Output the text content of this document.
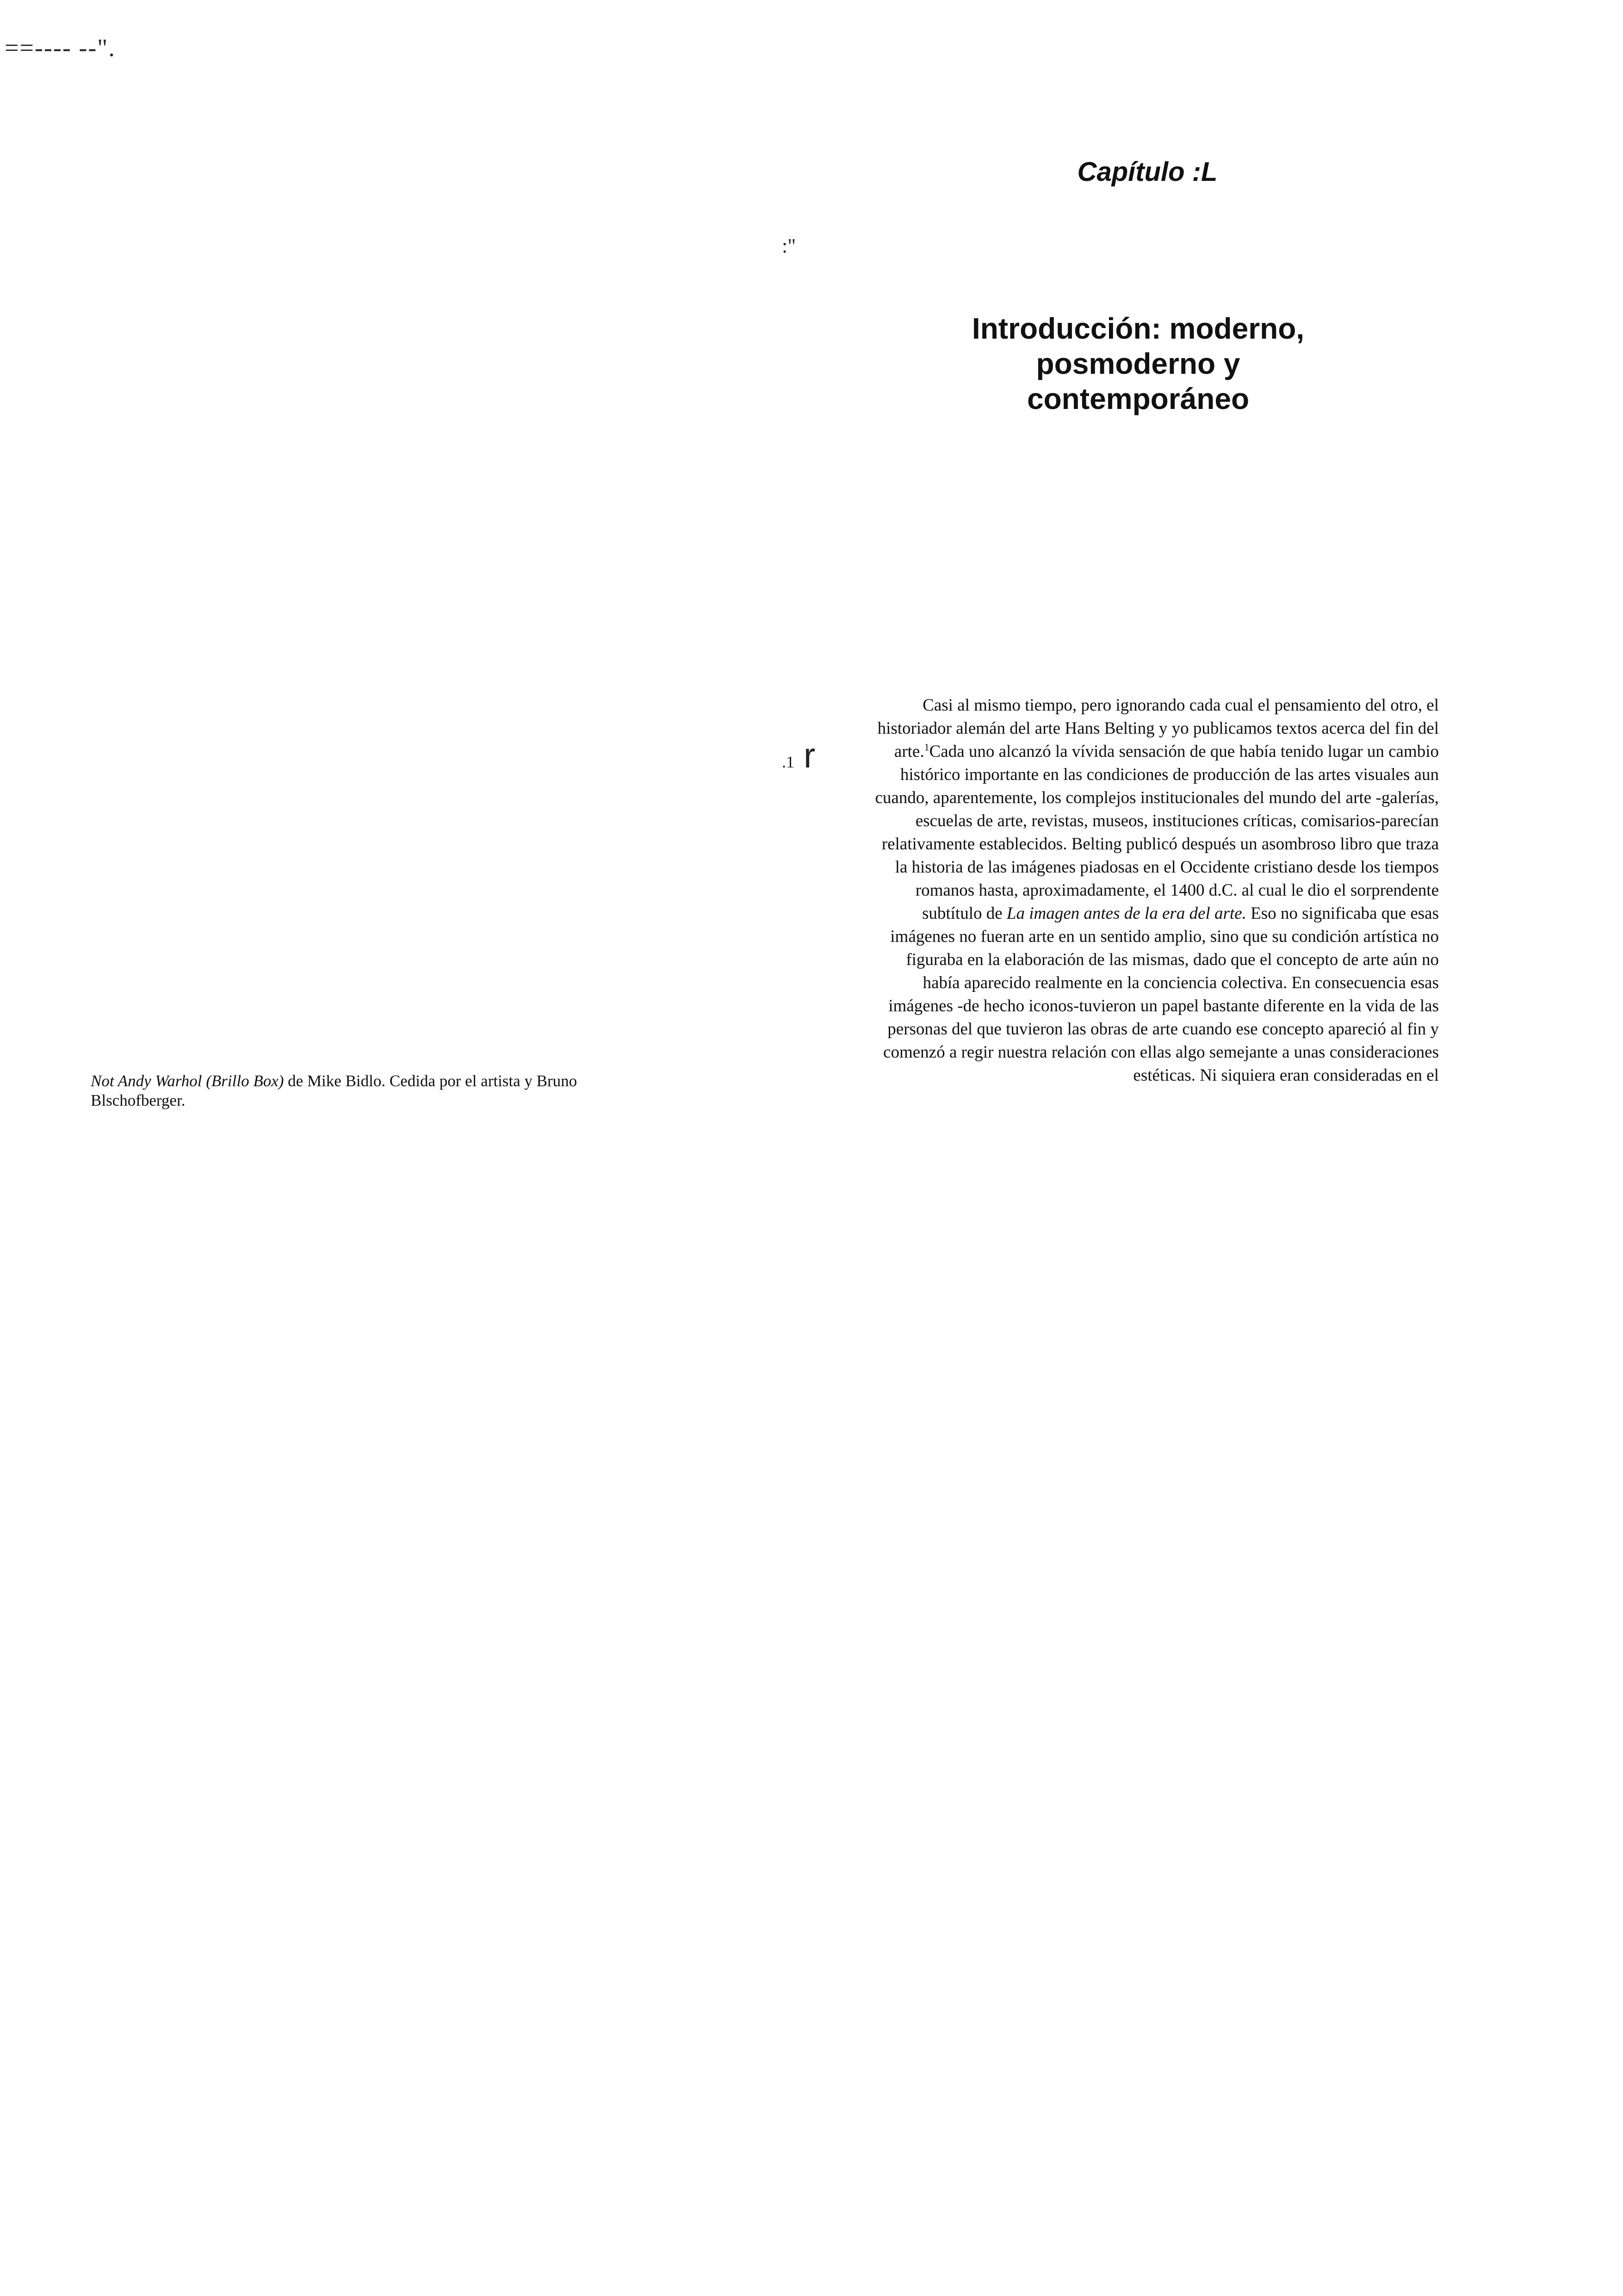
==---- --".
Capítulo :L
:"
Introducción: moderno,
posmoderno y
contemporáneo
.1 r
Casi al mismo tiempo, pero ignorando cada cual el pensamiento del otro, el
historiador alemán del arte Hans Belting y yo publicamos textos acerca del fin del
arte.$^1$Cada uno alcanzó la vívida sensación de que había tenido lugar un cambio
histórico importante en las condiciones de producción de las artes visuales aun
cuando, aparentemente, los complejos institucionales del mundo del arte -galerías,
escuelas de arte, revistas, museos, instituciones críticas, comisarios-parecían
relativamente establecidos. Belting publicó después un asombroso libro que traza
la historia de las imágenes piadosas en el Occidente cristiano desde los tiempos
romanos hasta, aproximadamente, el 1400 d.C. al cual le dio el sorprendente
subtítulo de La imagen antes de la era del arte. Eso no significaba que esas
imágenes no fueran arte en un sentido amplio, sino que su condición artística no
figuraba en la elaboración de las mismas, dado que el concepto de arte aún no
había aparecido realmente en la conciencia colectiva. En consecuencia esas
imágenes -de hecho iconos-tuvieron un papel bastante diferente en la vida de las
personas del que tuvieron las obras de arte cuando ese concepto apareció al fin y
comenzó a regir nuestra relación con ellas algo semejante a unas consideraciones
estéticas. Ni siquiera eran consideradas en el
Not Andy Warhol (Brillo Box) de Mike Bidlo. Cedida por el artista y Bruno
Blschofberger.
